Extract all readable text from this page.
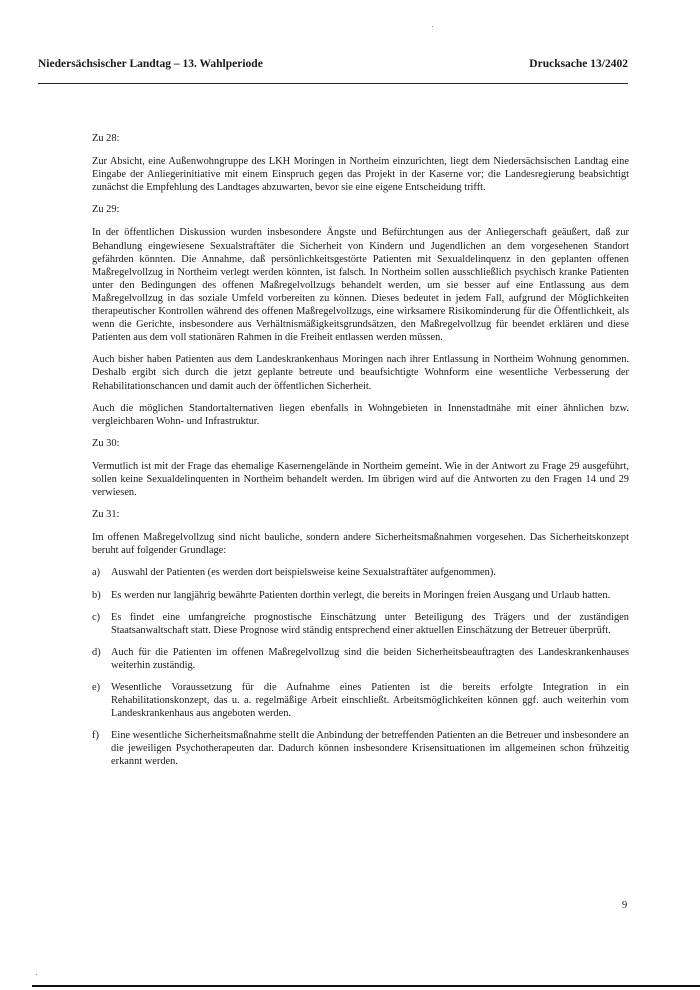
Niedersächsischer Landtag – 13. Wahlperiode	Drucksache 13/2402
Zu 28:

Zur Absicht, eine Außenwohngruppe des LKH Moringen in Northeim einzurichten, liegt dem Niedersächsischen Landtag eine Eingabe der Anliegerinitiative mit einem Einspruch gegen das Projekt in der Kaserne vor; die Landesregierung beabsichtigt zunächst die Empfehlung des Landtages abzuwarten, bevor sie eine eigene Entscheidung trifft.

Zu 29:

In der öffentlichen Diskussion wurden insbesondere Ängste und Befürchtungen aus der Anliegerschaft geäußert, daß zur Behandlung eingewiesene Sexualstraftäter die Sicherheit von Kindern und Jugendlichen an dem vorgesehenen Standort gefährden könnten. Die Annahme, daß persönlichkeitsgestörte Patienten mit Sexualdelinquenz in den geplanten offenen Maßregelvollzug in Northeim verlegt werden könnten, ist falsch. In Northeim sollen ausschließlich psychisch kranke Patienten unter den Bedingungen des offenen Maßregelvollzugs behandelt werden, um sie besser auf eine Entlassung aus dem Maßregelvollzug in das soziale Umfeld vorbereiten zu können. Dieses bedeutet in jedem Fall, aufgrund der Möglichkeiten therapeutischer Kontrollen während des offenen Maßregelvollzugs, eine wirksamere Risikominderung für die Öffentlichkeit, als wenn die Gerichte, insbesondere aus Verhältnismäßigkeitsgrundsätzen, den Maßregelvollzug für beendet erklären und diese Patienten aus dem voll stationären Rahmen in die Freiheit entlassen werden müssen.

Auch bisher haben Patienten aus dem Landeskrankenhaus Moringen nach ihrer Entlassung in Northeim Wohnung genommen. Deshalb ergibt sich durch die jetzt geplante betreute und beaufsichtigte Wohnform eine wesentliche Verbesserung der Rehabilitationschancen und damit auch der öffentlichen Sicherheit.

Auch die möglichen Standortalternativen liegen ebenfalls in Wohngebieten in Innenstadtnähe mit einer ähnlichen bzw. vergleichbaren Wohn- und Infrastruktur.

Zu 30:

Vermutlich ist mit der Frage das ehemalige Kasernengelände in Northeim gemeint. Wie in der Antwort zu Frage 29 ausgeführt, sollen keine Sexualdelinquenten in Northeim behandelt werden. Im übrigen wird auf die Antworten zu den Fragen 14 und 29 verwiesen.

Zu 31:

Im offenen Maßregelvollzug sind nicht bauliche, sondern andere Sicherheitsmaßnahmen vorgesehen. Das Sicherheitskonzept beruht auf folgender Grundlage:

a) Auswahl der Patienten (es werden dort beispielsweise keine Sexualstraftäter aufgenommen).
b) Es werden nur langjährig bewährte Patienten dorthin verlegt, die bereits in Moringen freien Ausgang und Urlaub hatten.
c) Es findet eine umfangreiche prognostische Einschätzung unter Beteiligung des Trägers und der zuständigen Staatsanwaltschaft statt. Diese Prognose wird ständig entsprechend einer aktuellen Einschätzung der Betreuer überprüft.
d) Auch für die Patienten im offenen Maßregelvollzug sind die beiden Sicherheitsbeauftragten des Landeskrankenhauses weiterhin zuständig.
e) Wesentliche Voraussetzung für die Aufnahme eines Patienten ist die bereits erfolgte Integration in ein Rehabilitationskonzept, das u. a. regelmäßige Arbeit einschließt. Arbeitsmöglichkeiten können ggf. auch weiterhin vom Landeskrankenhaus aus angeboten werden.
f) Eine wesentliche Sicherheitsmaßnahme stellt die Anbindung der betreffenden Patienten an die Betreuer und insbesondere an die jeweiligen Psychotherapeuten dar. Dadurch können insbesondere Krisensituationen im allgemeinen schon frühzeitig erkannt werden.
9
